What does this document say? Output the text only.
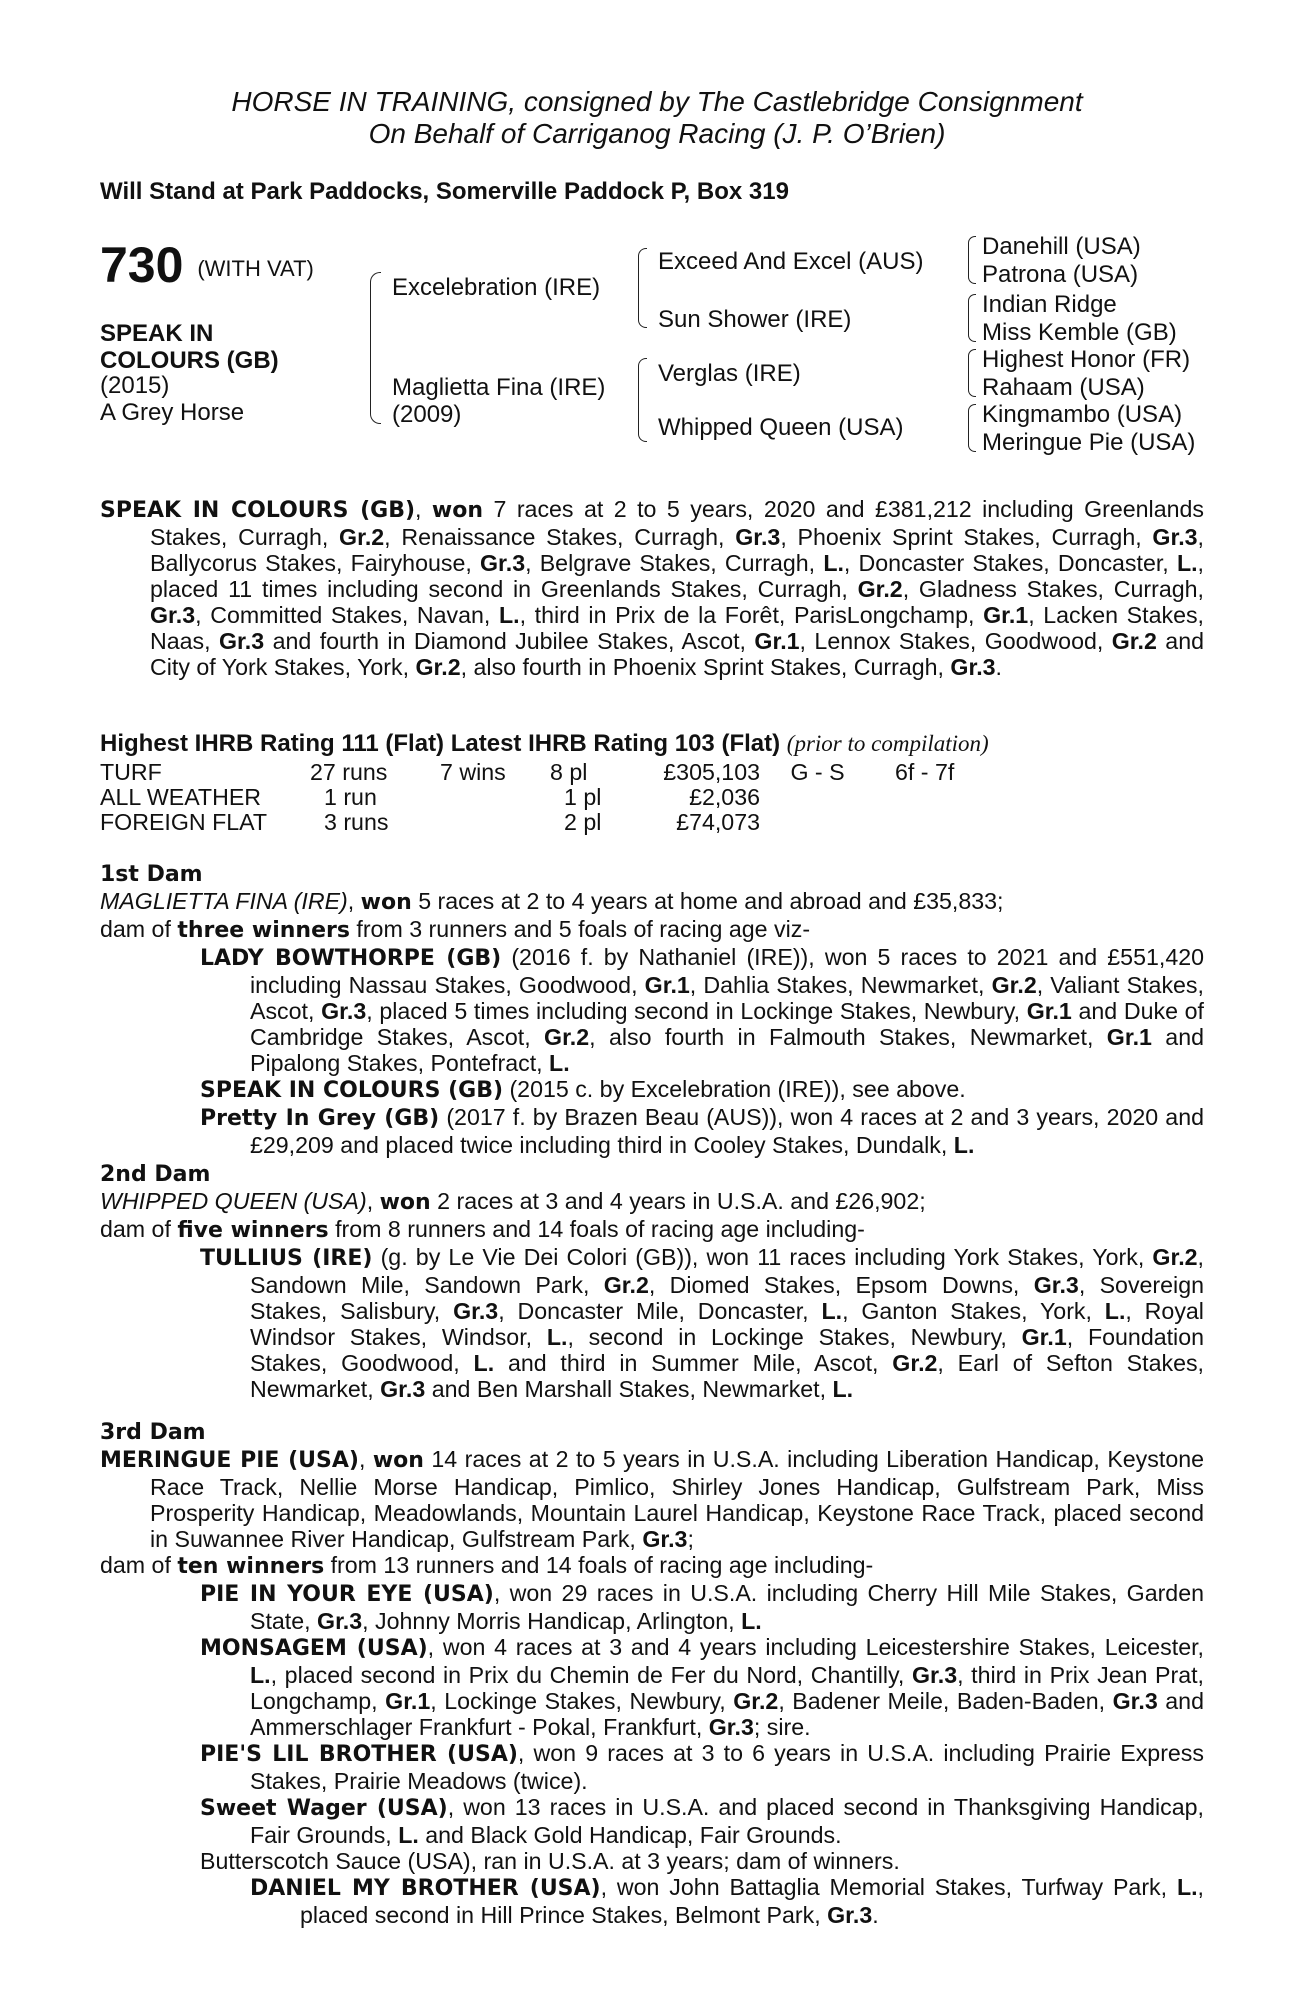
HORSE IN TRAINING, consigned by The Castlebridge Consignment
On Behalf of Carriganog Racing (J. P. O’Brien)
Will Stand at Park Paddocks, Somerville Paddock P, Box 319
730 (WITH VAT)
SPEAK IN
COLOURS (GB)
(2015)
A Grey Horse
Excelebration (IRE)
Maglietta Fina (IRE)
(2009)
Exceed And Excel (AUS)
Sun Shower (IRE)
Verglas (IRE)
Whipped Queen (USA)
Danehill (USA)
Patrona (USA)
Indian Ridge
Miss Kemble (GB)
Highest Honor (FR)
Rahaam (USA)
Kingmambo (USA)
Meringue Pie (USA)

SPEAK IN COLOURS (GB), won 7 races at 2 to 5 years, 2020 and £381,212 including Greenlands Stakes, Curragh, Gr.2, Renaissance Stakes, Curragh, Gr.3, Phoenix Sprint Stakes, Curragh, Gr.3, Ballycorus Stakes, Fairyhouse, Gr.3, Belgrave Stakes, Curragh, L., Doncaster Stakes, Doncaster, L., placed 11 times including second in Greenlands Stakes, Curragh, Gr.2, Gladness Stakes, Curragh, Gr.3, Committed Stakes, Navan, L., third in Prix de la Forêt, ParisLongchamp, Gr.1, Lacken Stakes, Naas, Gr.3 and fourth in Diamond Jubilee Stakes, Ascot, Gr.1, Lennox Stakes, Goodwood, Gr.2 and City of York Stakes, York, Gr.2, also fourth in Phoenix Sprint Stakes, Curragh, Gr.3.

Highest IHRB Rating 111 (Flat) Latest IHRB Rating 103 (Flat) (prior to compilation)
TURF	27 runs	7 wins	8 pl	£305,103	G - S	6f - 7f
ALL WEATHER	1 run		1 pl	£2,036		
FOREIGN FLAT	3 runs		2 pl	£74,073		

1st Dam

MAGLIETTA FINA (IRE), won 5 races at 2 to 4 years at home and abroad and £35,833;

dam of three winners from 3 runners and 5 foals of racing age viz-

LADY BOWTHORPE (GB) (2016 f. by Nathaniel (IRE)), won 5 races to 2021 and £551,420 including Nassau Stakes, Goodwood, Gr.1, Dahlia Stakes, Newmarket, Gr.2, Valiant Stakes, Ascot, Gr.3, placed 5 times including second in Lockinge Stakes, Newbury, Gr.1 and Duke of Cambridge Stakes, Ascot, Gr.2, also fourth in Falmouth Stakes, Newmarket, Gr.1 and Pipalong Stakes, Pontefract, L.

SPEAK IN COLOURS (GB) (2015 c. by Excelebration (IRE)), see above.

Pretty In Grey (GB) (2017 f. by Brazen Beau (AUS)), won 4 races at 2 and 3 years, 2020 and £29,209 and placed twice including third in Cooley Stakes, Dundalk, L.

2nd Dam

WHIPPED QUEEN (USA), won 2 races at 3 and 4 years in U.S.A. and £26,902;

dam of five winners from 8 runners and 14 foals of racing age including-

TULLIUS (IRE) (g. by Le Vie Dei Colori (GB)), won 11 races including York Stakes, York, Gr.2, Sandown Mile, Sandown Park, Gr.2, Diomed Stakes, Epsom Downs, Gr.3, Sovereign Stakes, Salisbury, Gr.3, Doncaster Mile, Doncaster, L., Ganton Stakes, York, L., Royal Windsor Stakes, Windsor, L., second in Lockinge Stakes, Newbury, Gr.1, Foundation Stakes, Goodwood, L. and third in Summer Mile, Ascot, Gr.2, Earl of Sefton Stakes, Newmarket, Gr.3 and Ben Marshall Stakes, Newmarket, L.

3rd Dam

MERINGUE PIE (USA), won 14 races at 2 to 5 years in U.S.A. including Liberation Handicap, Keystone Race Track, Nellie Morse Handicap, Pimlico, Shirley Jones Handicap, Gulfstream Park, Miss Prosperity Handicap, Meadowlands, Mountain Laurel Handicap, Keystone Race Track, placed second in Suwannee River Handicap, Gulfstream Park, Gr.3;

dam of ten winners from 13 runners and 14 foals of racing age including-

PIE IN YOUR EYE (USA), won 29 races in U.S.A. including Cherry Hill Mile Stakes, Garden State, Gr.3, Johnny Morris Handicap, Arlington, L.

MONSAGEM (USA), won 4 races at 3 and 4 years including Leicestershire Stakes, Leicester, L., placed second in Prix du Chemin de Fer du Nord, Chantilly, Gr.3, third in Prix Jean Prat, Longchamp, Gr.1, Lockinge Stakes, Newbury, Gr.2, Badener Meile, Baden-Baden, Gr.3 and Ammerschlager Frankfurt - Pokal, Frankfurt, Gr.3; sire.

PIE'S LIL BROTHER (USA), won 9 races at 3 to 6 years in U.S.A. including Prairie Express Stakes, Prairie Meadows (twice).

Sweet Wager (USA), won 13 races in U.S.A. and placed second in Thanksgiving Handicap, Fair Grounds, L. and Black Gold Handicap, Fair Grounds.

Butterscotch Sauce (USA), ran in U.S.A. at 3 years; dam of winners.

DANIEL MY BROTHER (USA), won John Battaglia Memorial Stakes, Turfway Park, L., placed second in Hill Prince Stakes, Belmont Park, Gr.3.
